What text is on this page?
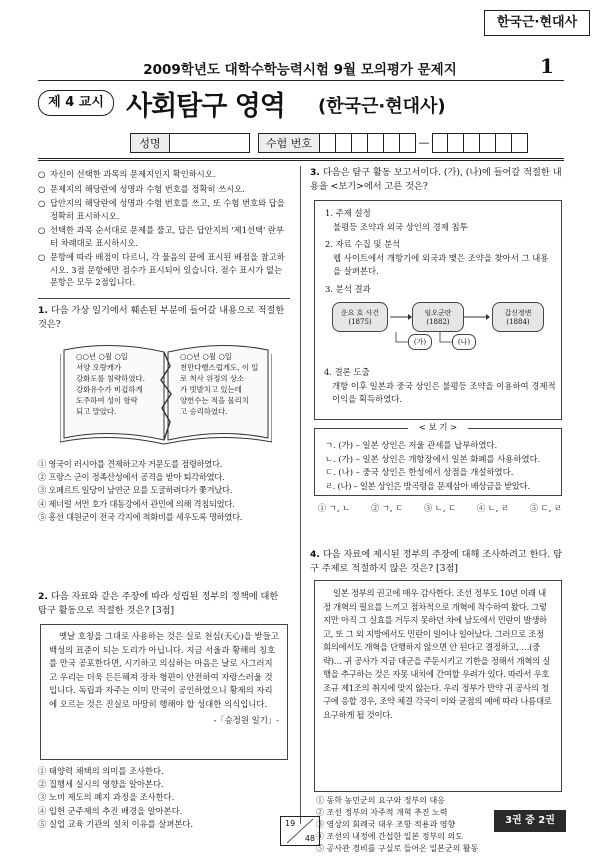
한국근·현대사
2009학년도 대학수학능력시험 9월 모의평가 문제지	1
제 4 교시 사회탐구 영역 (한국근·현대사)
성명	수험 번호	—
○ 자신이 선택한 과목의 문제지인지 확인하시오.
○ 문제지의 해당란에 성명과 수험 번호를 정확히 쓰시오.
○ 답안지의 해당란에 성명과 수험 번호를 쓰고, 또 수험 번호와 답을 정확히 표시하시오.
○ 선택한 과목 순서대로 문제를 풀고, 답은 답안지의 '제1선택' 란부터 차례대로 표시하시오.
○ 문항에 따라 배점이 다르니, 각 물음의 끝에 표시된 배점을 참고하시오. 3점 문항에만 점수가 표시되어 있습니다. 점수 표시가 없는 문항은 모두 2점입니다.
1. 다음 가상 일기에서 훼손된 부분에 들어갈 내용으로 적절한 것은?
○○년 ○월 ○일
서양 오랑캐가
강화도를 침략하였다.
강화유수가 비겁하게
도주하여 성이 함락
되고 말았다.
○○년 ○월 ○일
천만다행스럽게도, 이 일
로 척사 위정의 상소
가 빗발치고 있는데
양헌수는 적을 물리치
고 승리하였다.
① 영국이 러시아를 견제하고자 거문도를 점령하였다.
② 프랑스 군이 정족산성에서 공격을 받아 퇴각하였다.
③ 오페르트 일당이 남연군 묘를 도굴하려다가 쫓겨났다.
④ 제너럴 셔먼 호가 대동강에서 관민에 의해 격침되었다.
⑤ 흥선 대원군이 전국 각지에 척화비를 세우도록 명하였다.
2. 다음 자료와 같은 주장에 따라 성립된 정부의 정책에 대한 탐구 활동으로 적절한 것은? [3점]
옛날 호칭을 그대로 사용하는 것은 실로 천심(天心)을 받들고 백성의 표준이 되는 도리가 아닙니다. 지금 서울과 황해의 칭호를 만국 공포한다면, 시기하고 의심하는 마음은 날로 사그러지고 우리는 더욱 든든해져 장차 형편이 안전하여 자랑스러울 것입니다. 독립과 자주는 이미 만국이 공인하였으니 황제의 자리에 오르는 것은 진실로 마땅히 행해야 할 성대한 의식입니다.
-「승정원 일기」-
① 태양력 채택의 의미를 조사한다.
② 집행세 실시의 영향을 알아본다.
③ 노비 제도의 폐지 과정을 조사한다.
④ 입헌 군주제의 추진 배경을 알아본다.
⑤ 실업 교육 기관의 설치 이유를 살펴본다.
3. 다음은 탐구 활동 보고서이다. (가), (나)에 들어갈 적절한 내용을 <보기>에서 고른 것은?
1. 주제 설정
불평등 조약과 외국 상인의 경제 침투
2. 자료 수집 및 분석
웹 사이트에서 개항기에 외국과 맺은 조약을 찾아서 그 내용을 살펴본다.
3. 분석 결과
운요 호 사건
(1875)
임오군란
(1882)
갑신정변
(1884)
(가)	(나)
4. 결론 도출
개항 이후 일본과 중국 상인은 불평등 조약을 이용하여 경제적 이익을 획득하였다.
ㄱ. (가) – 일본 상인은 저울 관세를 납부하였다.
ㄴ. (가) – 일본 상인은 개항장에서 일본 화폐를 사용하였다.
ㄷ. (나) – 중국 상인은 한성에서 상점을 개설하였다.
ㄹ. (나) – 일본 상인은 방곡령을 문제삼아 배상금을 받았다.
< 보 기 >
① ㄱ, ㄴ ② ㄱ, ㄷ ③ ㄴ, ㄷ ④ ㄴ, ㄹ ⑤ ㄷ, ㄹ
4. 다음 자료에 제시된 정부의 주장에 대해 조사하려고 한다. 탐구 주제로 적절하지 않은 것은? [3점]
일본 정부의 권고에 매우 감사한다. 조선 정부도 10년 이래 내정 개혁의 필요를 느끼고 점차적으로 개혁에 착수하여 왔다. 그렇지만 아직 그 실효를 거두지 못하던 차에 남도에서 민란이 발생하고, 또 그 외 지방에서도 민란이 일어나 일어났다. 그러므로 조정 회의에서도 개혁을 단행하지 않으면 안 된다고 결정하고, …(중략)… 귀 공사가 지금 대군을 주둔시키고 기한을 정해서 개혁의 실행을 추구하는 것은 자못 내치에 간여할 우려가 있다. 따라서 우호조규 제1조의 취지에 맞지 않는다. 우리 정부가 만약 귀 공사의 청구에 응할 경우, 조약 체결 각국이 이와 균점의 예에 따라 나름대로 요구하게 될 것이다.
① 동학 농민군의 요구와 정부의 대응
② 조선 정부의 자주적 개혁 추진 노력
③ 영상의 회례국 대우 조항 적용과 영향
④ 조선의 내정에 간섭한 일본 정부의 의도
⑤ 공사관 경비를 구실로 들어온 일본군의 활동
19
48
3권 중 2권
